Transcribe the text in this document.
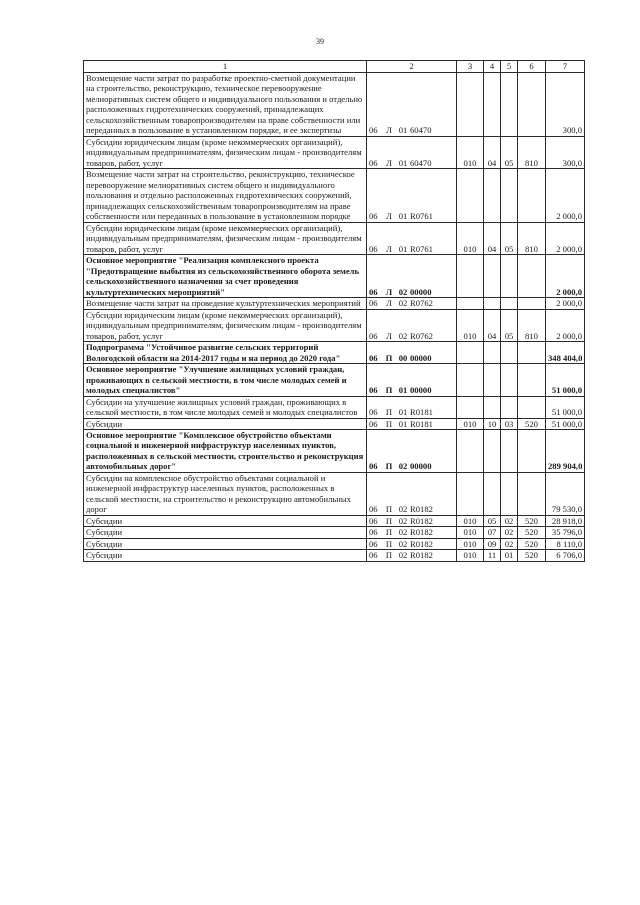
39
1	2	3	4	5	6	7
Возмещение части затрат по разработке проектно-сметной документации на строительство, реконструкцию, техническое перевооружение мелиоративных систем общего и индивидуального пользования и отдельно расположенных гидротехнических сооружений, принадлежащих сельскохозяйственным товаропроизводителям на праве собственности или переданных в пользование в установленном порядке, и ее экспертизы	06 Л 01 60470					300,0
Субсидии юридическим лицам (кроме некоммерческих организаций), индивидуальным предпринимателям, физическим лицам - производителям товаров, работ, услуг	06 Л 01 60470	010	04	05	810	300,0
Возмещение части затрат на строительство, реконструкцию, техническое перевооружение мелиоративных систем общего и индивидуального пользования и отдельно расположенных гидротехнических сооружений, принадлежащих сельскохозяйственным товаропроизводителям на праве собственности или переданных в пользование в установленном порядке	06 Л 01 R0761					2 000,0
Субсидии юридическим лицам (кроме некоммерческих организаций), индивидуальным предпринимателям, физическим лицам - производителям товаров, работ, услуг	06 Л 01 R0761	010	04	05	810	2 000,0
Основное мероприятие "Реализация комплексного проекта "Предотвращение выбытия из сельскохозяйственного оборота земель сельскохозяйственного назначения за счет проведения культуртехнических мероприятий"	06 Л 02 00000					2 000,0
Возмещение части затрат на проведение культуртехнических мероприятий	06 Л 02 R0762					2 000,0
Субсидии юридическим лицам (кроме некоммерческих организаций), индивидуальным предпринимателям, физическим лицам - производителям товаров, работ, услуг	06 Л 02 R0762	010	04	05	810	2 000,0
Подпрограмма "Устойчивое развитие сельских территорий Вологодской области на 2014-2017 годы и на период до 2020 года"	06 П 00 00000					348 404,0
Основное мероприятие "Улучшение жилищных условий граждан, проживающих в сельской местности, в том числе молодых семей и молодых специалистов"	06 П 01 00000					51 000,0
Субсидии на улучшение жилищных условий граждан, проживающих в сельской местности, в том числе молодых семей и молодых специалистов	06 П 01 R0181					51 000,0
Субсидии	06 П 01 R0181	010	10	03	520	51 000,0
Основное мероприятие "Комплексное обустройство объектами социальной и инженерной инфраструктур населенных пунктов, расположенных в сельской местности, строительство и реконструкция автомобильных дорог"	06 П 02 00000					289 904,0
Субсидии на комплексное обустройство объектами социальной и инженерной инфраструктур населенных пунктов, расположенных в сельской местности, на строительство и реконструкцию автомобильных дорог	06 П 02 R0182					79 530,0
Субсидии	06 П 02 R0182	010	05	02	520	28 918,0
Субсидии	06 П 02 R0182	010	07	02	520	35 796,0
Субсидии	06 П 02 R0182	010	09	02	520	8 110,0
Субсидии	06 П 02 R0182	010	11	01	520	6 706,0
